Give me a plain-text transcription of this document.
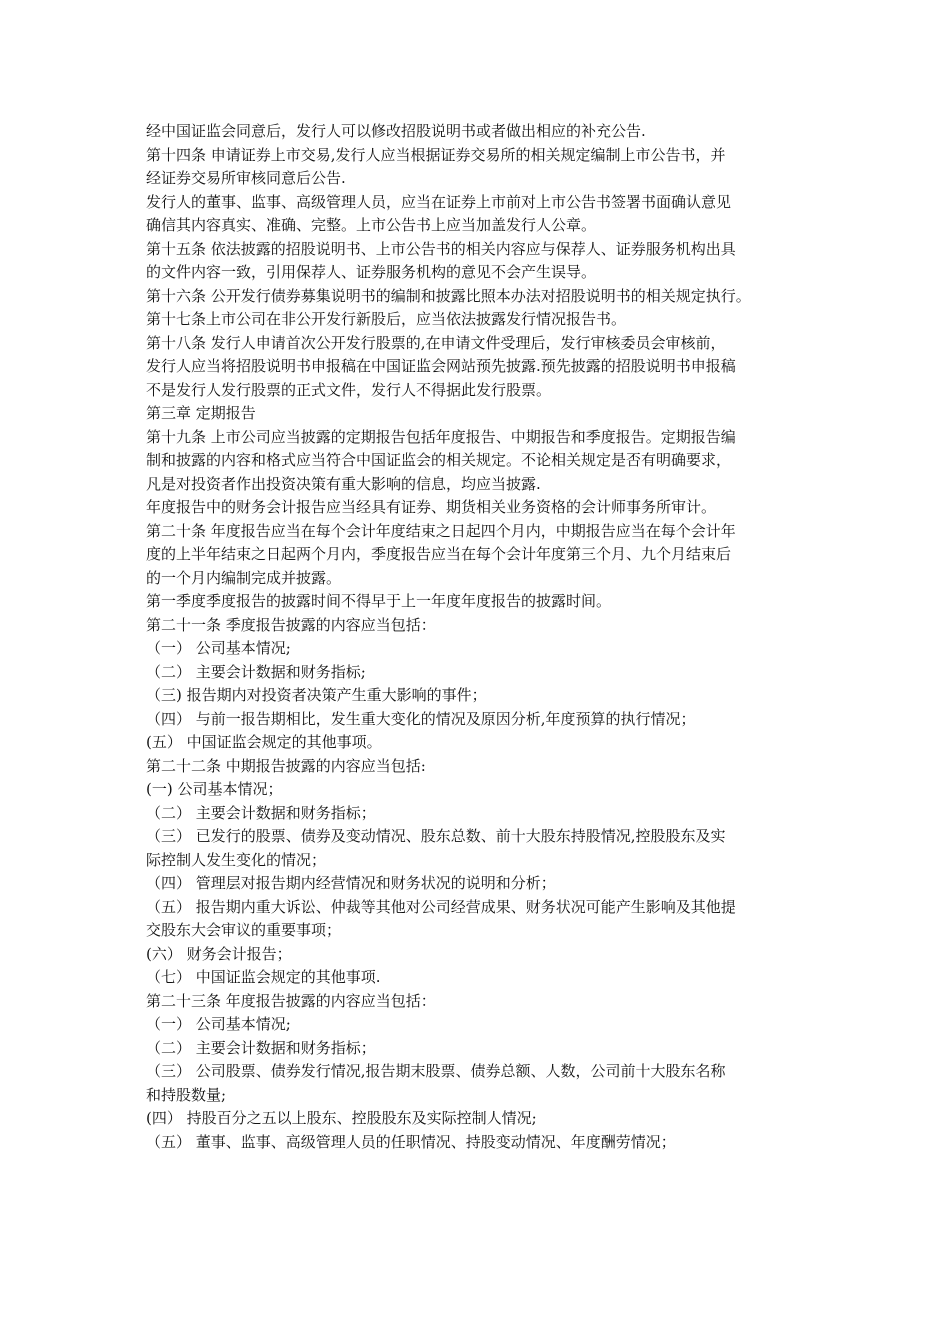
经中国证监会同意后，发行人可以修改招股说明书或者做出相应的补充公告.
第十四条 申请证券上市交易,发行人应当根据证券交易所的相关规定编制上市公告书，并
经证券交易所审核同意后公告.
发行人的董事、监事、高级管理人员，应当在证券上市前对上市公告书签署书面确认意见
确信其内容真实、准确、完整。上市公告书上应当加盖发行人公章。
第十五条 依法披露的招股说明书、上市公告书的相关内容应与保荐人、证券服务机构出具
的文件内容一致，引用保荐人、证券服务机构的意见不会产生误导。
第十六条 公开发行债券募集说明书的编制和披露比照本办法对招股说明书的相关规定执行。
第十七条上市公司在非公开发行新股后，应当依法披露发行情况报告书。
第十八条 发行人申请首次公开发行股票的,在申请文件受理后，发行审核委员会审核前，
发行人应当将招股说明书申报稿在中国证监会网站预先披露.预先披露的招股说明书申报稿
不是发行人发行股票的正式文件，发行人不得据此发行股票。
第三章 定期报告
第十九条 上市公司应当披露的定期报告包括年度报告、中期报告和季度报告。定期报告编
制和披露的内容和格式应当符合中国证监会的相关规定。不论相关规定是否有明确要求，
凡是对投资者作出投资决策有重大影响的信息，均应当披露.
年度报告中的财务会计报告应当经具有证券、期货相关业务资格的会计师事务所审计。
第二十条 年度报告应当在每个会计年度结束之日起四个月内，中期报告应当在每个会计年
度的上半年结束之日起两个月内，季度报告应当在每个会计年度第三个月、九个月结束后
的一个月内编制完成并披露。
第一季度季度报告的披露时间不得早于上一年度年度报告的披露时间。
第二十一条 季度报告披露的内容应当包括：
（一） 公司基本情况;
（二） 主要会计数据和财务指标;
（三) 报告期内对投资者决策产生重大影响的事件；
（四） 与前一报告期相比，发生重大变化的情况及原因分析,年度预算的执行情况；
(五） 中国证监会规定的其他事项。
第二十二条 中期报告披露的内容应当包括:
(一) 公司基本情况；
（二） 主要会计数据和财务指标；
（三） 已发行的股票、债券及变动情况、股东总数、前十大股东持股情况,控股股东及实
际控制人发生变化的情况；
（四） 管理层对报告期内经营情况和财务状况的说明和分析；
（五） 报告期内重大诉讼、仲裁等其他对公司经营成果、财务状况可能产生影响及其他提
交股东大会审议的重要事项；
(六） 财务会计报告；
（七） 中国证监会规定的其他事项.
第二十三条 年度报告披露的内容应当包括：
（一） 公司基本情况;
（二） 主要会计数据和财务指标；
（三） 公司股票、债券发行情况,报告期末股票、债券总额、人数，公司前十大股东名称
和持股数量;
(四） 持股百分之五以上股东、控股股东及实际控制人情况;
（五） 董事、监事、高级管理人员的任职情况、持股变动情况、年度酬劳情况；
